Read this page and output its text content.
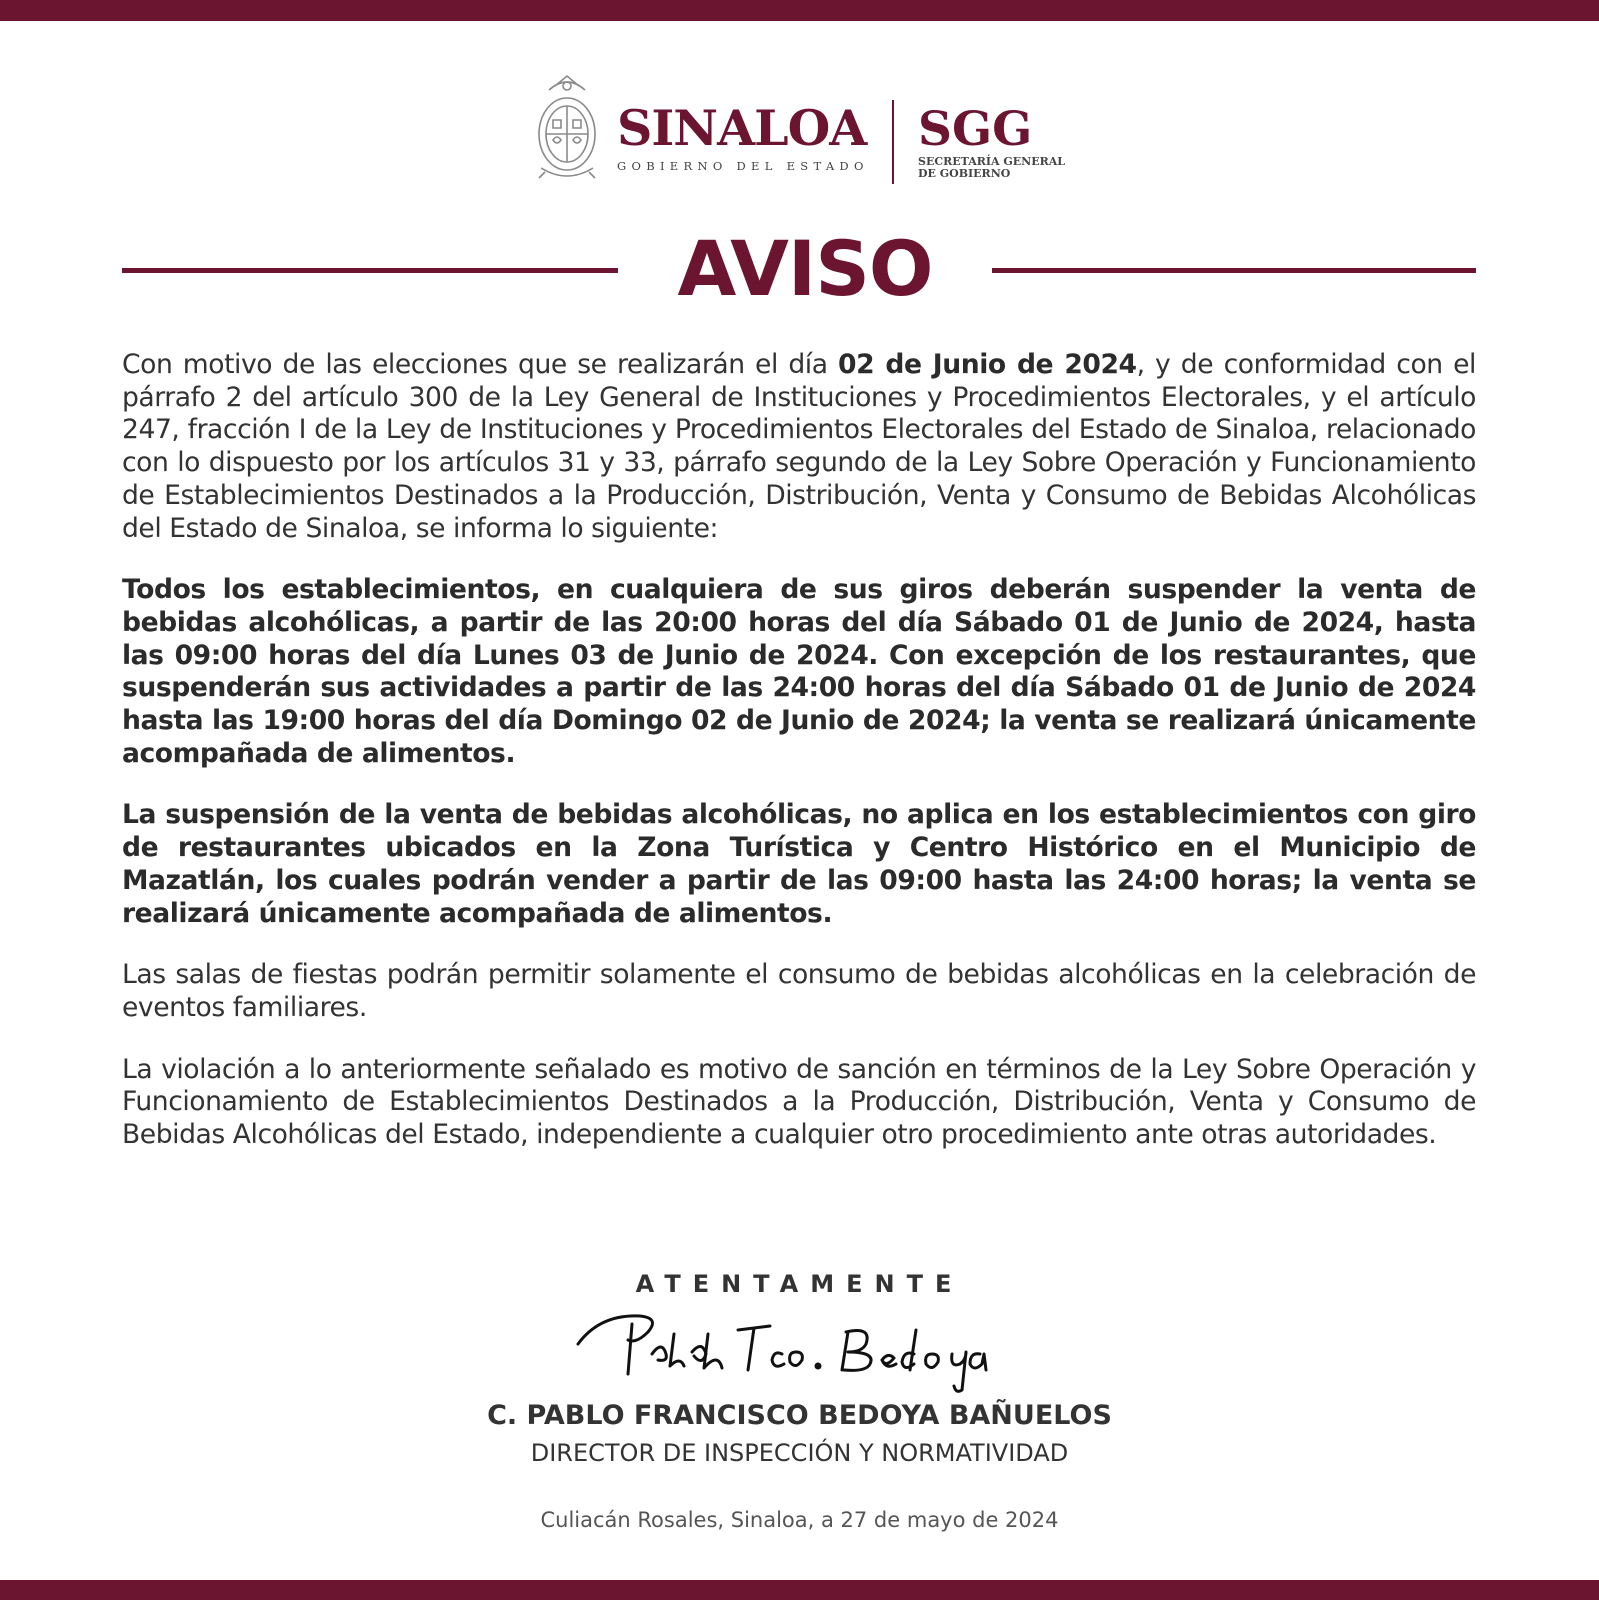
SINALOA
GOBIERNO DEL ESTADO
SGG
SECRETARÍA GENERAL
DE GOBIERNO
AVISO

Con motivo de las elecciones que se realizarán el día 02 de Junio de 2024, y de conformidad con el párrafo 2 del artículo 300 de la Ley General de Instituciones y Procedimientos Electorales, y el artículo 247, fracción I de la Ley de Instituciones y Procedimientos Electorales del Estado de Sinaloa, relacionado con lo dispuesto por los artículos 31 y 33, párrafo segundo de la Ley Sobre Operación y Funcionamiento de Establecimientos Destinados a la Producción, Distribución, Venta y Consumo de Bebidas Alcohólicas del Estado de Sinaloa, se informa lo siguiente:

Todos los establecimientos, en cualquiera de sus giros deberán suspender la venta de bebidas alcohólicas, a partir de las 20:00 horas del día Sábado 01 de Junio de 2024, hasta las 09:00 horas del día Lunes 03 de Junio de 2024. Con excepción de los restaurantes, que suspenderán sus actividades a partir de las 24:00 horas del día Sábado 01 de Junio de 2024 hasta las 19:00 horas del día Domingo 02 de Junio de 2024; la venta se realizará únicamente acompañada de alimentos.

La suspensión de la venta de bebidas alcohólicas, no aplica en los establecimientos con giro de restaurantes ubicados en la Zona Turística y Centro Histórico en el Municipio de Mazatlán, los cuales podrán vender a partir de las 09:00 hasta las 24:00 horas; la venta se realizará únicamente acompañada de alimentos.

Las salas de fiestas podrán permitir solamente el consumo de bebidas alcohólicas en la celebración de eventos familiares.

La violación a lo anteriormente señalado es motivo de sanción en términos de la Ley Sobre Operación y Funcionamiento de Establecimientos Destinados a la Producción, Distribución, Venta y Consumo de Bebidas Alcohólicas del Estado, independiente a cualquier otro procedimiento ante otras autoridades.

ATENTAMENTE
C. PABLO FRANCISCO BEDOYA BAÑUELOS
DIRECTOR DE INSPECCIÓN Y NORMATIVIDAD
Culiacán Rosales, Sinaloa, a 27 de mayo de 2024
